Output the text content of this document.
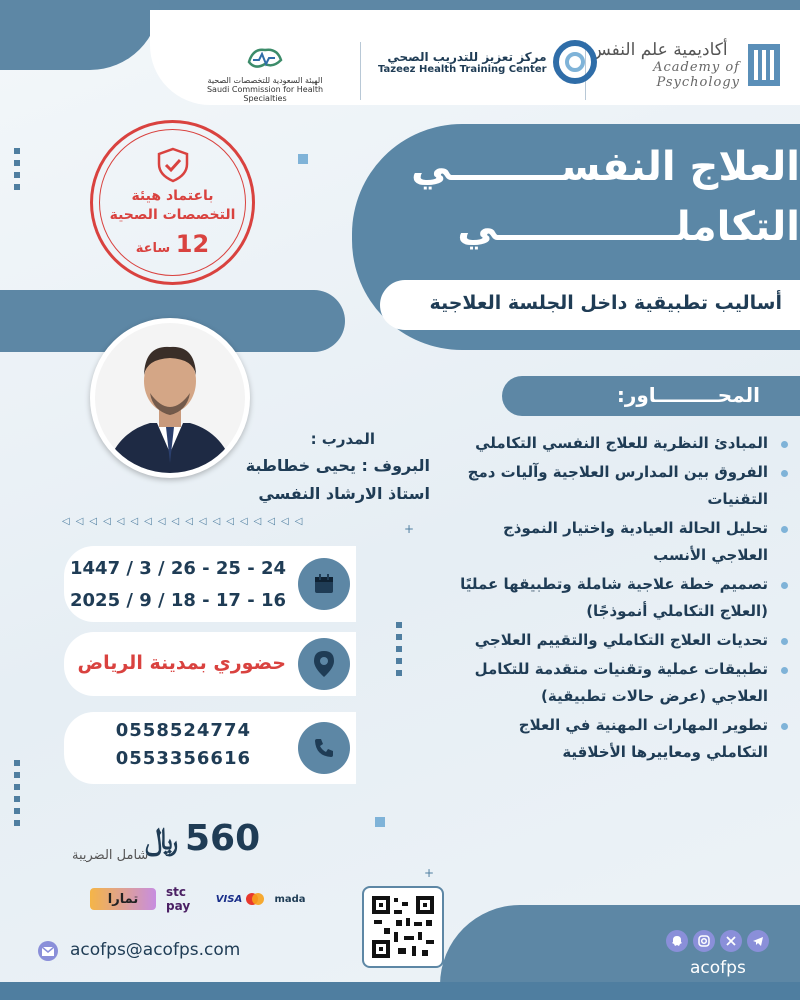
+
+
أكاديمية علم النفس
Academy of Psychology
مركز تعزيز للتدريب الصحي
Tazeez Health Training Center
الهيئة السعودية للتخصصات الصحية
Saudi Commission for Health Specialties
باعتماد هيئة
التخصصات الصحية
12 ساعة
العلاج النفســــــــي
التكاملـــــــــــــي
أساليب تطبيقية داخل الجلسة العلاجية
المدرب :
البروف : يحيى خطاطبة
استاذ الارشاد النفسي
◁◁◁◁◁◁◁◁◁◁◁◁◁◁◁◁◁◁
1447 / 3 / 26 - 25 - 24
2025 / 9 / 18 - 17 - 16
حضوري بمدينة الرياض
0558524774
0553356616
560
﷼
شامل الضريبة
تمارا	stc pay	VISA	mada
المحـــــــــاور:
المبادئ النظرية للعلاج النفسي التكاملي
الفروق بين المدارس العلاجية وآليات دمج التقنيات
تحليل الحالة العيادية واختيار النموذج العلاجي الأنسب
تصميم خطة علاجية شاملة وتطبيقها عمليًا (العلاج التكاملي أنموذجًا)
تحديات العلاج التكاملي والتقييم العلاجي
تطبيقات عملية وتقنيات متقدمة للتكامل العلاجي (عرض حالات تطبيقية)
تطوير المهارات المهنية في العلاج التكاملي ومعاييرها الأخلاقية
acofps@acofps.com
acofps
